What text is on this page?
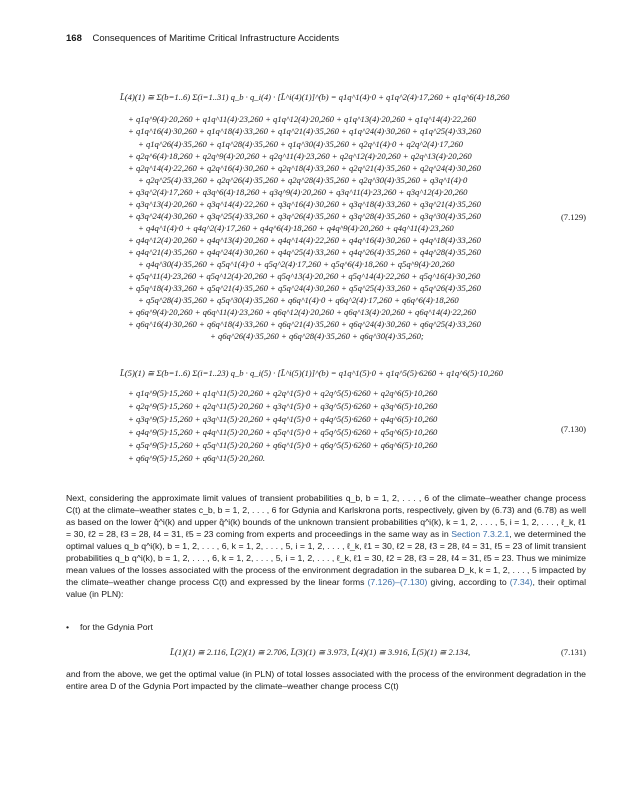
168 Consequences of Maritime Critical Infrastructure Accidents
L̃(4)(1) ≅ Σ(b=1..6) Σ(i=1..31) q_b · q_i(4) · [L̃^i(4)(1)]^(b) = q1q^1(4)·0 + q1q^2(4)·17,260 + q1q^6(4)·18,260
+ q1q^9(4)·20,260 + q1q^11(4)·23,260 + q1q^12(4)·20,260 + q1q^13(4)·20,260 + q1q^14(4)·22,260
+ q1q^16(4)·30,260 + q1q^18(4)·33,260 + q1q^21(4)·35,260 + q1q^24(4)·30,260 + q1q^25(4)·33,260
+ q1q^26(4)·35,260 + q1q^28(4)·35,260 + q1q^30(4)·35,260 + q2q^1(4)·0 + q2q^2(4)·17,260
+ q2q^6(4)·18,260 + q2q^9(4)·20,260 + q2q^11(4)·23,260 + q2q^12(4)·20,260 + q2q^13(4)·20,260
+ q2q^14(4)·22,260 + q2q^16(4)·30,260 + q2q^18(4)·33,260 + q2q^21(4)·35,260 + q2q^24(4)·30,260
+ q2q^25(4)·33,260 + q2q^26(4)·35,260 + q2q^28(4)·35,260 + q2q^30(4)·35,260 + q3q^1(4)·0
+ q3q^2(4)·17,260 + q3q^6(4)·18,260 + q3q^9(4)·20,260 + q3q^11(4)·23,260 + q3q^12(4)·20,260
+ q3q^13(4)·20,260 + q3q^14(4)·22,260 + q3q^16(4)·30,260 + q3q^18(4)·33,260 + q3q^21(4)·35,260
+ q3q^24(4)·30,260 + q3q^25(4)·33,260 + q3q^26(4)·35,260 + q3q^28(4)·35,260 + q3q^30(4)·35,260
+ q4q^1(4)·0 + q4q^2(4)·17,260 + q4q^6(4)·18,260 + q4q^9(4)·20,260 + q4q^11(4)·23,260
+ q4q^12(4)·20,260 + q4q^13(4)·20,260 + q4q^14(4)·22,260 + q4q^16(4)·30,260 + q4q^18(4)·33,260
+ q4q^21(4)·35,260 + q4q^24(4)·30,260 + q4q^25(4)·33,260 + q4q^26(4)·35,260 + q4q^28(4)·35,260
+ q4q^30(4)·35,260 + q5q^1(4)·0 + q5q^2(4)·17,260 + q5q^6(4)·18,260 + q5q^9(4)·20,260
+ q5q^11(4)·23,260 + q5q^12(4)·20,260 + q5q^13(4)·20,260 + q5q^14(4)·22,260 + q5q^16(4)·30,260
+ q5q^18(4)·33,260 + q5q^21(4)·35,260 + q5q^24(4)·30,260 + q5q^25(4)·33,260 + q5q^26(4)·35,260
+ q5q^28(4)·35,260 + q5q^30(4)·35,260 + q6q^1(4)·0 + q6q^2(4)·17,260 + q6q^6(4)·18,260
+ q6q^9(4)·20,260 + q6q^11(4)·23,260 + q6q^12(4)·20,260 + q6q^13(4)·20,260 + q6q^14(4)·22,260
+ q6q^16(4)·30,260 + q6q^18(4)·33,260 + q6q^21(4)·35,260 + q6q^24(4)·30,260 + q6q^25(4)·33,260
+ q6q^26(4)·35,260 + q6q^28(4)·35,260 + q6q^30(4)·35,260;
(7.129)
L̃(5)(1) ≅ Σ(b=1..6) Σ(i=1..23) q_b · q_i(5) · [L̃^i(5)(1)]^(b) = q1q^1(5)·0 + q1q^5(5)·6260 + q1q^6(5)·10,260
+ q1q^9(5)·15,260 + q1q^11(5)·20,260 + q2q^1(5)·0 + q2q^5(5)·6260 + q2q^6(5)·10,260
+ q2q^9(5)·15,260 + q2q^11(5)·20,260 + q3q^1(5)·0 + q3q^5(5)·6260 + q3q^6(5)·10,260
+ q3q^9(5)·15,260 + q3q^11(5)·20,260 + q4q^1(5)·0 + q4q^5(5)·6260 + q4q^6(5)·10,260
+ q4q^9(5)·15,260 + q4q^11(5)·20,260 + q5q^1(5)·0 + q5q^5(5)·6260 + q5q^6(5)·10,260
+ q5q^9(5)·15,260 + q5q^11(5)·20,260 + q6q^1(5)·0 + q6q^5(5)·6260 + q6q^6(5)·10,260
+ q6q^9(5)·15,260 + q6q^11(5)·20,260.
(7.130)
Next, considering the approximate limit values of transient probabilities q_b, b = 1, 2, . . . , 6 of the climate–weather change process C(t) at the climate–weather states c_b, b = 1, 2, . . . , 6 for Gdynia and Karlskrona ports, respectively, given by (6.73) and (6.78) as well as based on the lower q̌^i(k) and upper q̂^i(k) bounds of the unknown transient probabilities q^i(k), k = 1, 2, . . . , 5, i = 1, 2, . . . , ℓ_k, ℓ1 = 30, ℓ2 = 28, ℓ3 = 28, ℓ4 = 31, ℓ5 = 23 coming from experts and proceedings in the same way as in Section 7.3.2.1, we determined the optimal values q_b q^i(k), b = 1, 2, . . . , 6, k = 1, 2, . . . , 5, i = 1, 2, . . . , ℓ_k, ℓ1 = 30, ℓ2 = 28, ℓ3 = 28, ℓ4 = 31, ℓ5 = 23 of limit transient probabilities q_b q^i(k), b = 1, 2, . . . , 6, k = 1, 2, . . . , 5, i = 1, 2, . . . , ℓ_k, ℓ1 = 30, ℓ2 = 28, ℓ3 = 28, ℓ4 = 31, ℓ5 = 23. Thus we minimize mean values of the losses associated with the process of the environment degradation in the subarea D_k, k = 1, 2, . . . , 5 impacted by the climate–weather change process C(t) and expressed by the linear forms (7.126)–(7.130) giving, according to (7.34), their optimal value (in PLN):
• for the Gdynia Port
L̃(1)(1) ≅ 2.116, L̃(2)(1) ≅ 2.706, L̃(3)(1) ≅ 3.973, L̃(4)(1) ≅ 3.916, L̃(5)(1) ≅ 2.134,	(7.131)
and from the above, we get the optimal value (in PLN) of total losses associated with the process of the environment degradation in the entire area D of the Gdynia Port impacted by the climate–weather change process C(t)
